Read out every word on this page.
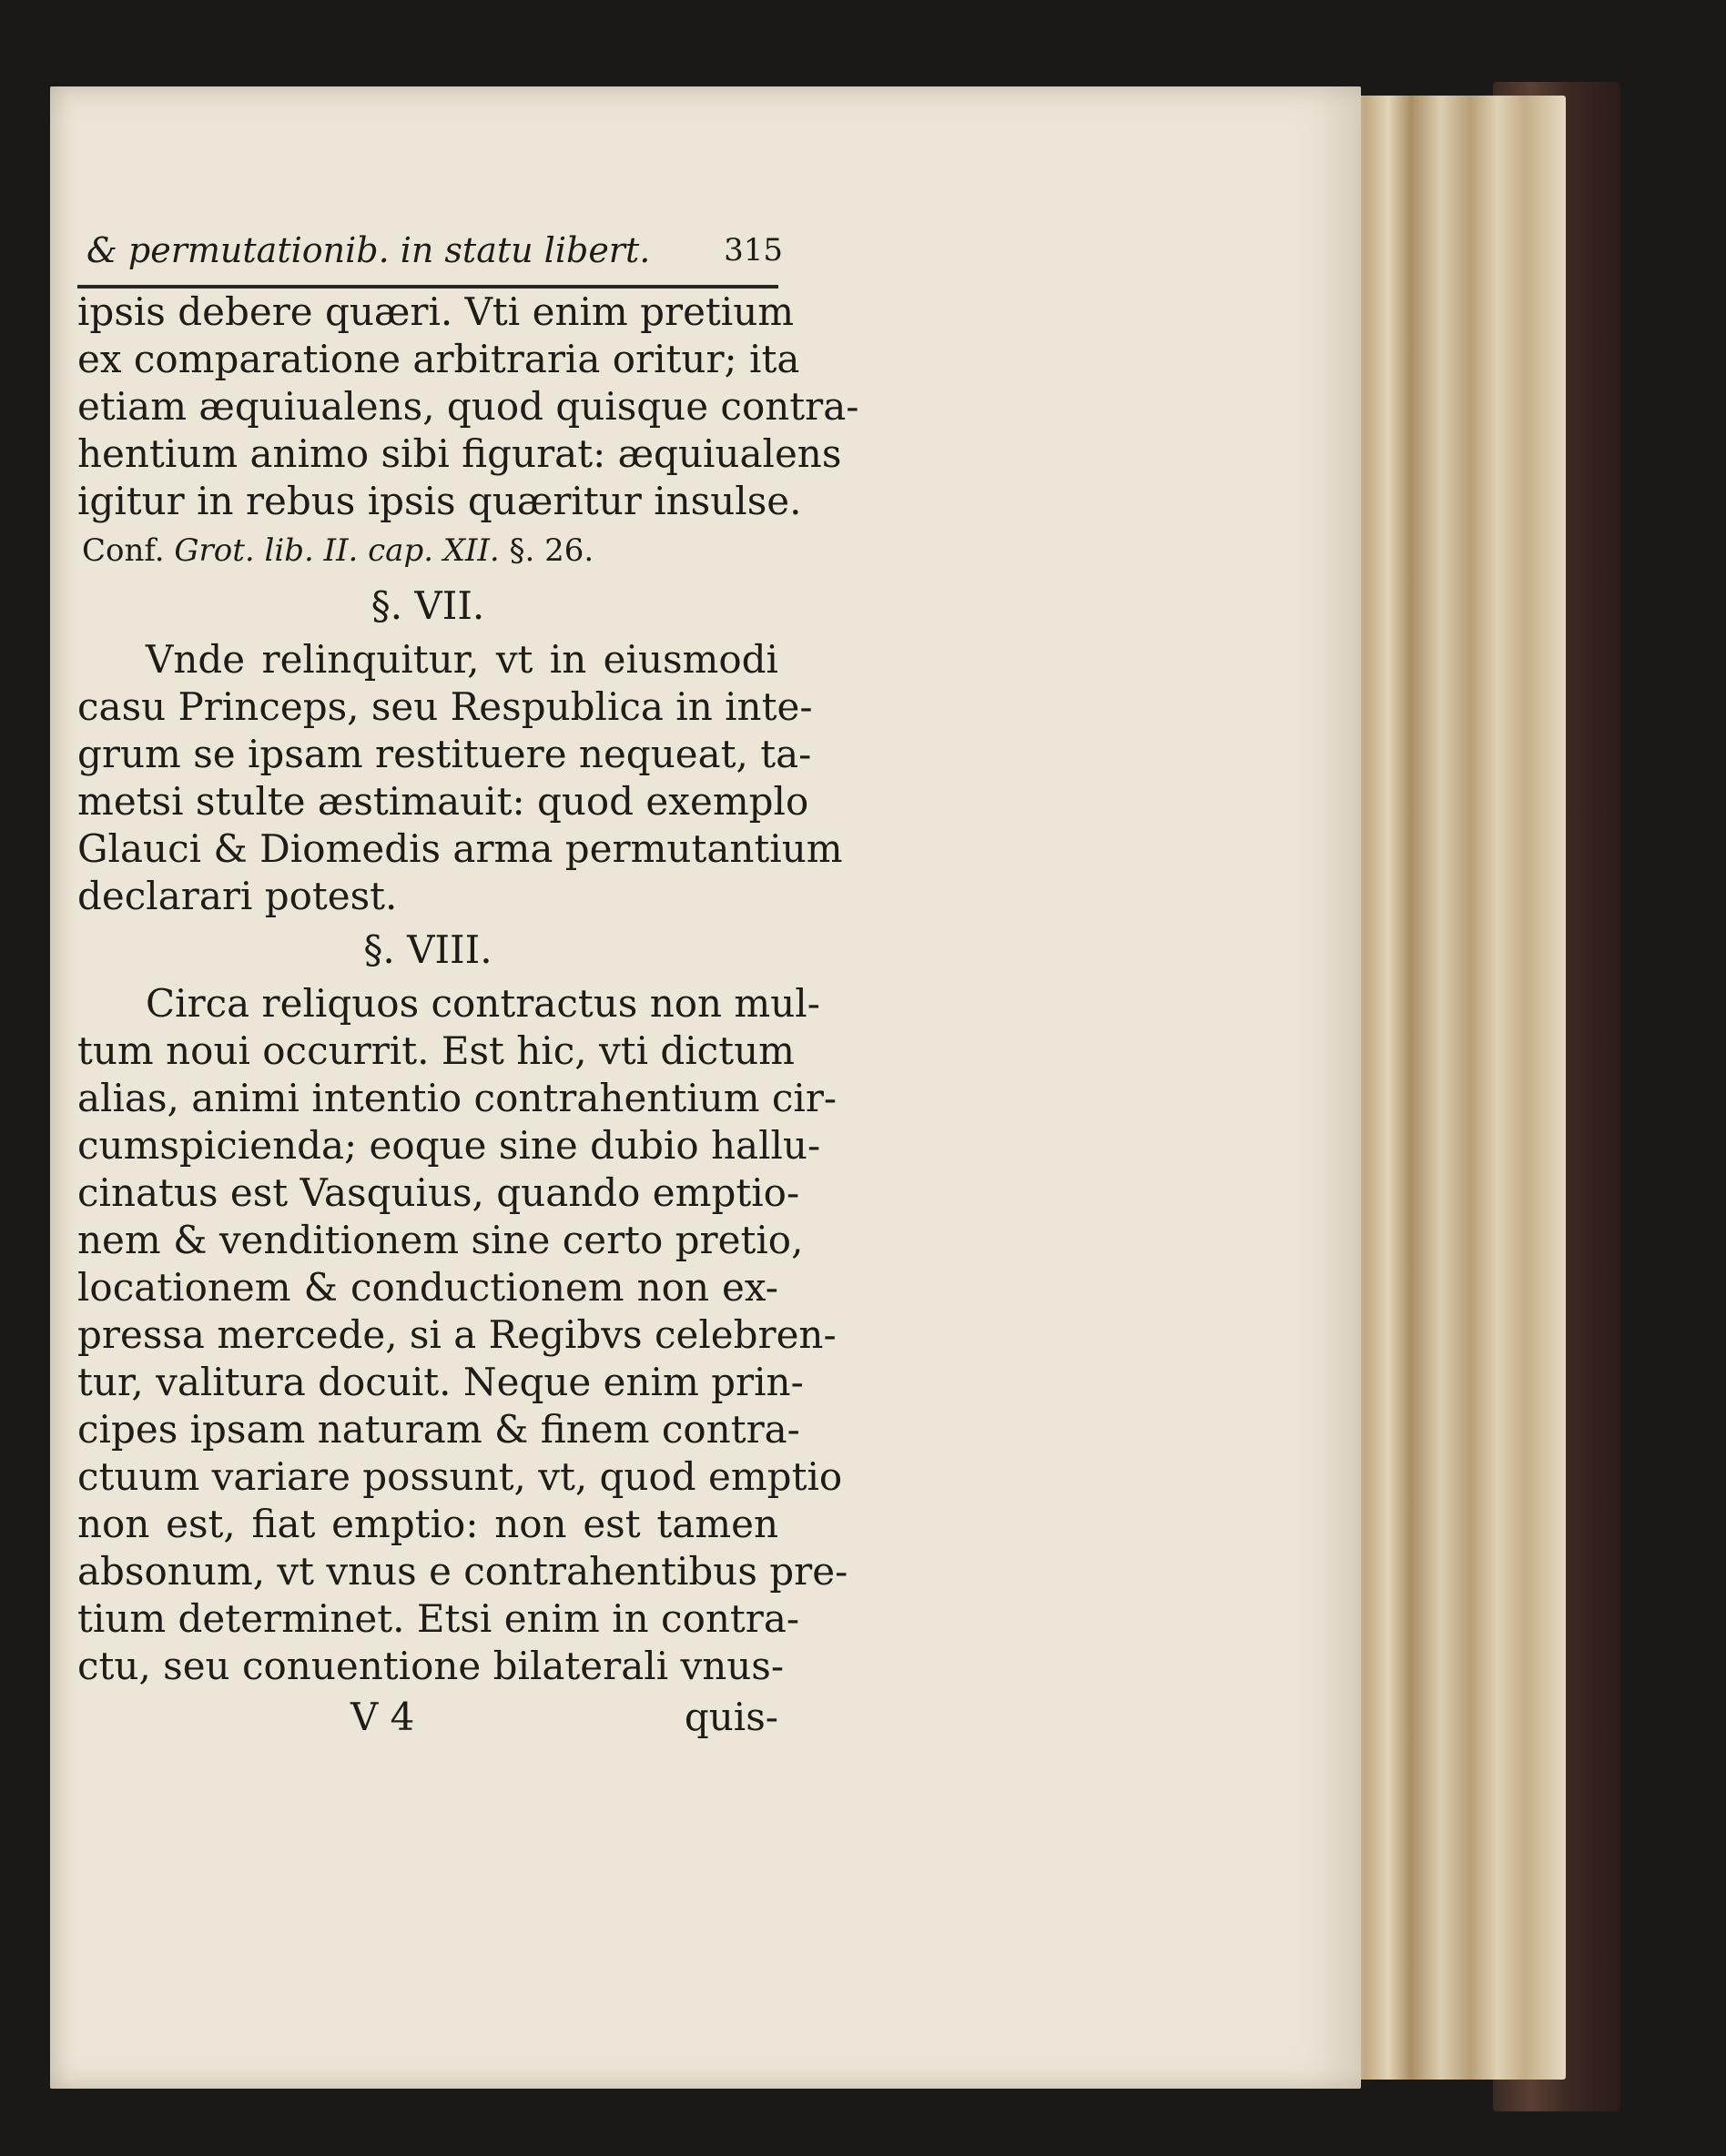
& permutationib. in statu libert. 315
ipsis debere quæri. Vti enim pretium
ex comparatione arbitraria oritur; ita
etiam æquiualens, quod quisque contra-
hentium animo sibi figurat: æquiualens
igitur in rebus ipsis quæritur insulse.
Conf. Grot. lib. II. cap. XII. §. 26.
§. VII.
Vnde relinquitur, vt in eiusmodi
casu Princeps, seu Respublica in inte-
grum se ipsam restituere nequeat, ta-
metsi stulte æstimauit: quod exemplo
Glauci & Diomedis arma permutantium
declarari potest.
§. VIII.
Circa reliquos contractus non mul-
tum noui occurrit. Est hic, vti dictum
alias, animi intentio contrahentium cir-
cumspicienda; eoque sine dubio hallu-
cinatus est Vasquius, quando emptio-
nem & venditionem sine certo pretio,
locationem & conductionem non ex-
pressa mercede, si a Regibvs celebren-
tur, valitura docuit. Neque enim prin-
cipes ipsam naturam & finem contra-
ctuum variare possunt, vt, quod emptio
non est, fiat emptio: non est tamen
absonum, vt vnus e contrahentibus pre-
tium determinet. Etsi enim in contra-
ctu, seu conuentione bilaterali vnus-
V 4	quis-
